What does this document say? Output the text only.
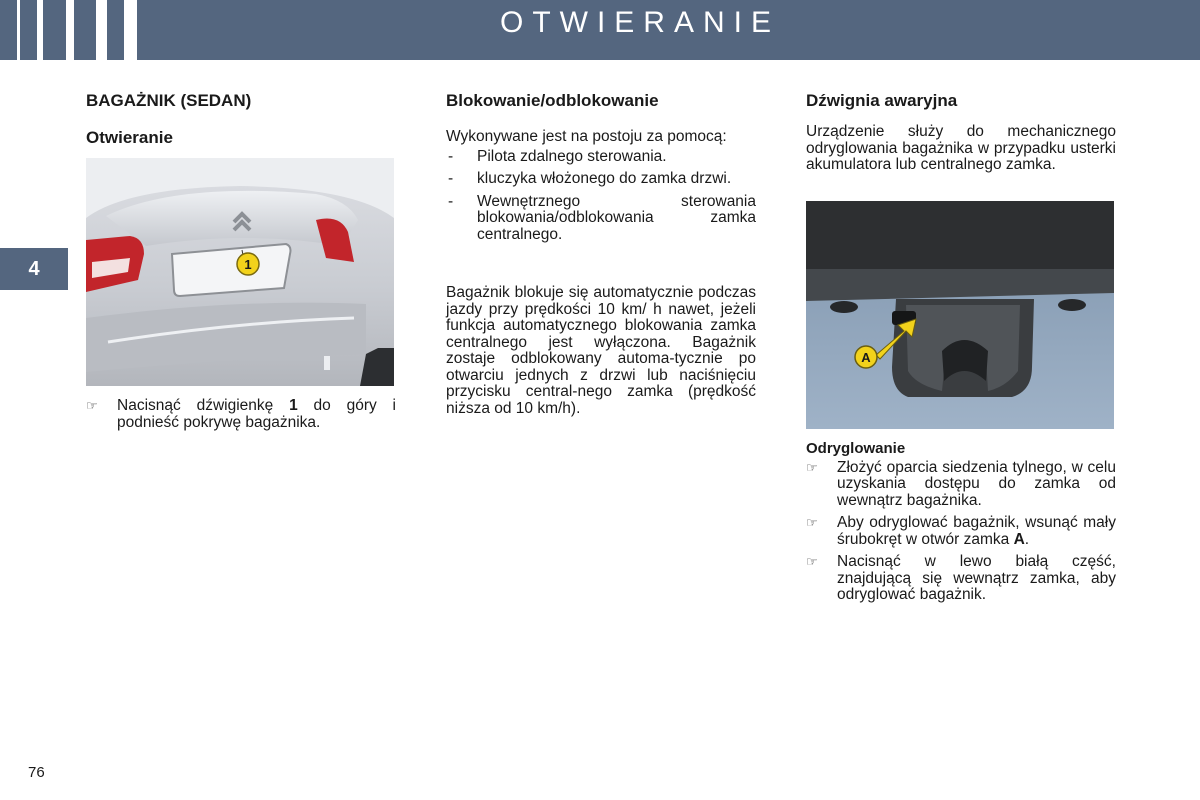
OTWIERANIE
4
BAGAŻNIK (SEDAN)
Otwieranie
1
☞ Nacisnąć dźwigienkę 1 do góry i podnieść pokrywę bagażnika.
Blokowanie/odblokowanie

Wykonywane jest na postoju za pomocą:

- Pilota zdalnego sterowania.
- kluczyka włożonego do zamka drzwi.
- Wewnętrznego sterowania blokowania/odblokowania zamka centralnego.

Bagażnik blokuje się automatycznie podczas jazdy przy prędkości 10 km/ h nawet, jeżeli funkcja automatycznego blokowania zamka centralnego jest wyłączona. Bagażnik zostaje odblokowany automa-tycznie po otwarciu jednych z drzwi lub naciśnięciu przycisku central-nego zamka (prędkość niższa od 10 km/h).

Dźwignia awaryjna

Urządzenie służy do mechanicznego odryglowania bagażnika w przypadku usterki akumulatora lub centralnego zamka.

A
Odryglowanie
☞ Złożyć oparcia siedzenia tylnego, w celu uzyskania dostępu do zamka od wewnątrz bagażnika.
☞ Aby odryglować bagażnik, wsunąć mały śrubokręt w otwór zamka A.
☞ Nacisnąć w lewo białą część, znajdującą się wewnątrz zamka, aby odryglować bagażnik.
76
